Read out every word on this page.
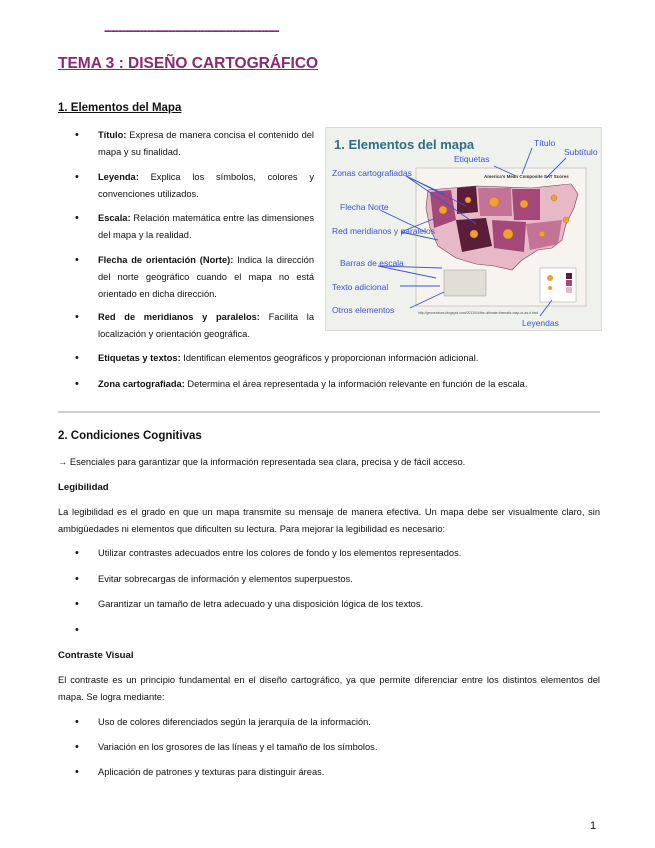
-------------------------------------------------
TEMA 3 : DISEÑO CARTOGRÁFICO
1. Elementos del Mapa
• Título: Expresa de manera concisa el contenido del mapa y su finalidad.
• Leyenda: Explica los símbolos, colores y convenciones utilizados.
• Escala: Relación matemática entre las dimensiones del mapa y la realidad.
• Flecha de orientación (Norte): Indica la dirección del norte geográfico cuando el mapa no está orientado en dicha dirección.
• Red de meridianos y paralelos: Facilita la localización y orientación geográfica.
• Etiquetas y textos: Identifican elementos geográficos y proporcionan información adicional.
• Zona cartografiada: Determina el área representada y la información relevante en función de la escala.
1. Elementos del mapa
America's Mean Composite SAT Scores
Título
Subtítulo
Etiquetas
Zonas cartografiadas
Flecha Norte
Red meridianos y paralelos
Barras de escala
Texto adicional
Otros elementos
Leyendas
http://geoservices.blogspot.com/2013/04/the-ultimate-thematic-map-or-as-it.html
2. Condiciones Cognitivas

→ Esenciales para garantizar que la información representada sea clara, precisa y de fácil acceso.

Legibilidad

La legibilidad es el grado en que un mapa transmite su mensaje de manera efectiva. Un mapa debe ser visualmente claro, sin ambigüedades ni elementos que dificulten su lectura. Para mejorar la legibilidad es necesario:

• Utilizar contrastes adecuados entre los colores de fondo y los elementos representados.
• Evitar sobrecargas de información y elementos superpuestos.
• Garantizar un tamaño de letra adecuado y una disposición lógica de los textos.

Contraste Visual

El contraste es un principio fundamental en el diseño cartográfico, ya que permite diferenciar entre los distintos elementos del mapa. Se logra mediante:

• Uso de colores diferenciados según la jerarquía de la información.
• Variación en los grosores de las líneas y el tamaño de los símbolos.
• Aplicación de patrones y texturas para distinguir áreas.
1
